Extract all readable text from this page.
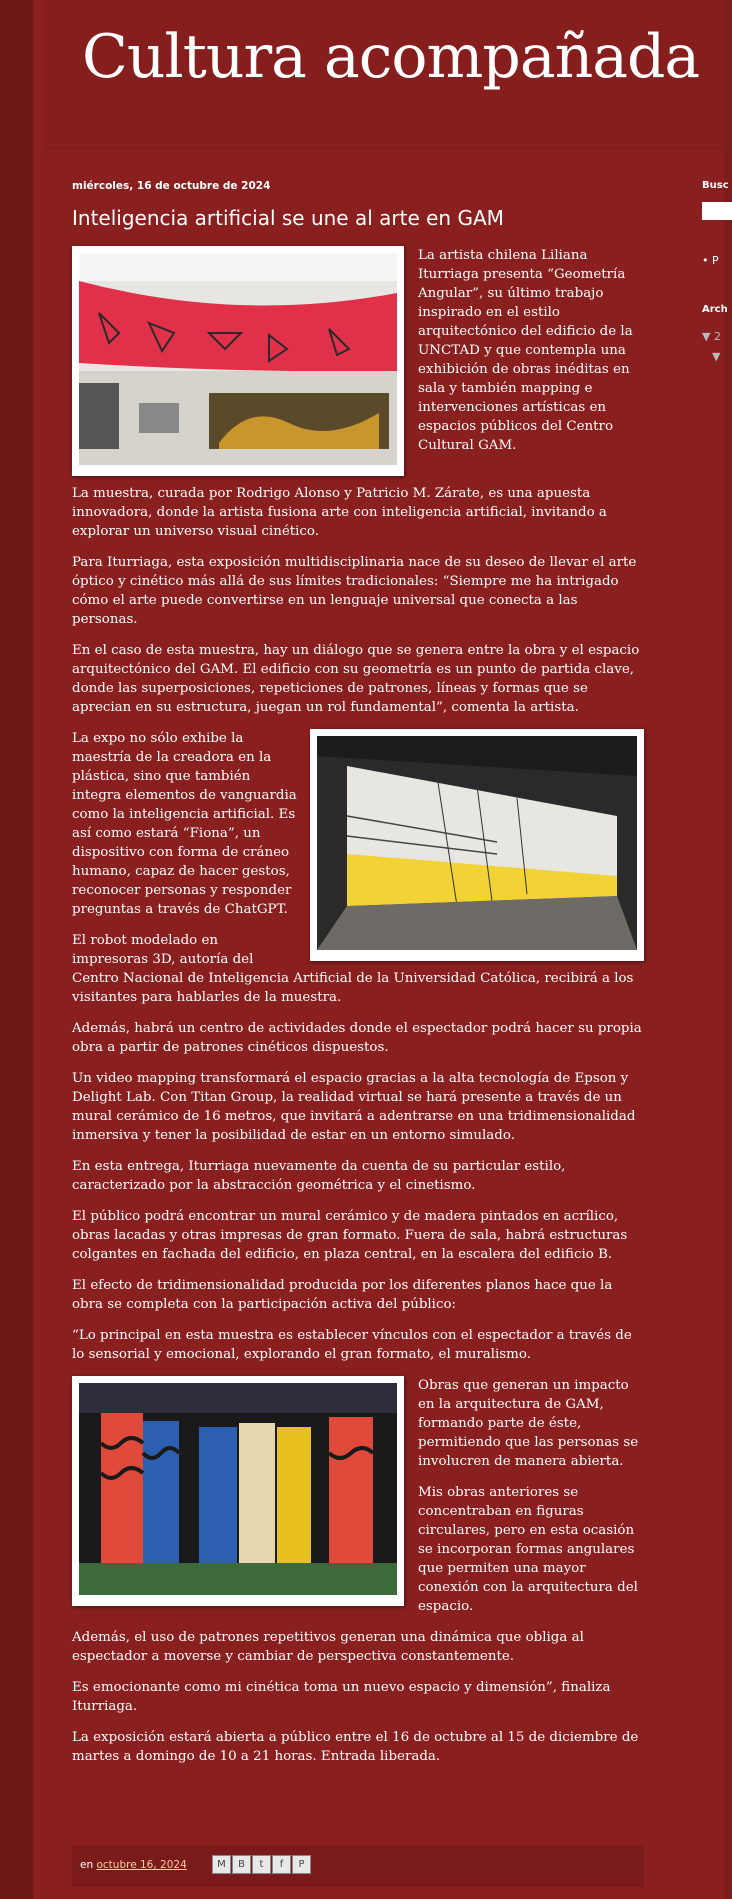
Cultura acompañada
miércoles, 16 de octubre de 2024
Inteligencia artificial se une al arte en GAM

La artista chilena Liliana Iturriaga presenta “Geometría Angular”, su último trabajo inspirado en el estilo arquitectónico del edificio de la UNCTAD y que contempla una exhibición de obras inéditas en sala y también mapping e intervenciones artísticas en espacios públicos del Centro Cultural GAM.

La muestra, curada por Rodrigo Alonso y Patricio M. Zárate, es una apuesta innovadora, donde la artista fusiona arte con inteligencia artificial, invitando a explorar un universo visual cinético.

Para Iturriaga, esta exposición multidisciplinaria nace de su deseo de llevar el arte óptico y cinético más allá de sus límites tradicionales: “Siempre me ha intrigado cómo el arte puede convertirse en un lenguaje universal que conecta a las personas.

En el caso de esta muestra, hay un diálogo que se genera entre la obra y el espacio arquitectónico del GAM. El edificio con su geometría es un punto de partida clave, donde las superposiciones, repeticiones de patrones, líneas y formas que se aprecian en su estructura, juegan un rol fundamental”, comenta la artista.

La expo no sólo exhibe la maestría de la creadora en la plástica, sino que también integra elementos de vanguardia como la inteligencia artificial. Es así como estará “Fiona”, un dispositivo con forma de cráneo humano, capaz de hacer gestos, reconocer personas y responder preguntas a través de ChatGPT.

El robot modelado en impresoras 3D, autoría del Centro Nacional de Inteligencia Artificial de la Universidad Católica, recibirá a los visitantes para hablarles de la muestra.

Además, habrá un centro de actividades donde el espectador podrá hacer su propia obra a partir de patrones cinéticos dispuestos.

Un video mapping transformará el espacio gracias a la alta tecnología de Epson y Delight Lab. Con Titan Group, la realidad virtual se hará presente a través de un mural cerámico de 16 metros, que invitará a adentrarse en una tridimensionalidad inmersiva y tener la posibilidad de estar en un entorno simulado.

En esta entrega, Iturriaga nuevamente da cuenta de su particular estilo, caracterizado por la abstracción geométrica y el cinetismo.

El público podrá encontrar un mural cerámico y de madera pintados en acrílico, obras lacadas y otras impresas de gran formato. Fuera de sala, habrá estructuras colgantes en fachada del edificio, en plaza central, en la escalera del edificio B.

El efecto de tridimensionalidad producida por los diferentes planos hace que la obra se completa con la participación activa del público:

“Lo principal en esta muestra es establecer vínculos con el espectador a través de lo sensorial y emocional, explorando el gran formato, el muralismo.

Obras que generan un impacto en la arquitectura de GAM, formando parte de éste, permitiendo que las personas se involucren de manera abierta.

Mis obras anteriores se concentraban en figuras circulares, pero en esta ocasión se incorporan formas angulares que permiten una mayor conexión con la arquitectura del espacio.

Además, el uso de patrones repetitivos generan una dinámica que obliga al espectador a moverse y cambiar de perspectiva constantemente.

Es emocionante como mi cinética toma un nuevo espacio y dimensión”, finaliza Iturriaga.

La exposición estará abierta a público entre el 16 de octubre al 15 de diciembre de martes a domingo de 10 a 21 horas. Entrada liberada.

en octubre 16, 2024	M	B	t	f	P
Busc
• P
Arch
▼ 2
▼
